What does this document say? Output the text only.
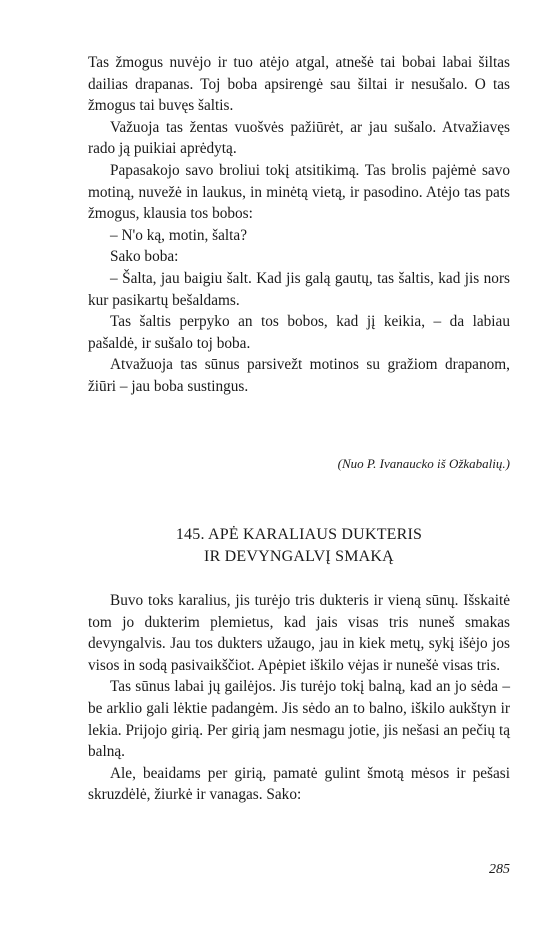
Tas žmogus nuvėjo ir tuo atėjo atgal, atnešė tai bobai labai šiltas dailias drapanas. Toj boba apsirengė sau šiltai ir nesušalo. O tas žmogus tai buvęs šaltis.

Važuoja tas žentas vuošvės pažiūrėt, ar jau sušalo. Atvažiavęs rado ją puikiai aprėdytą.

Papasakojo savo broliui tokį atsitikimą. Tas brolis pajėmė savo motiną, nuvežė in laukus, in minėtą vietą, ir pasodino. Atėjo tas pats žmogus, klausia tos bobos:

– N'o ką, motin, šalta?

Sako boba:

– Šalta, jau baigiu šalt. Kad jis galą gautų, tas šaltis, kad jis nors kur pasikartų bešaldams.

Tas šaltis perpyko an tos bobos, kad jį keikia, – da labiau pašaldė, ir sušalo toj boba.

Atvažuoja tas sūnus parsivežt motinos su gražiom drapanom, žiūri – jau boba sustingus.

(Nuo P. Ivanaucko iš Ožkabalių.)
145. APĖ KARALIAUS DUKTERIS
IR DEVYNGALVĮ SMAKĄ

Buvo toks karalius, jis turėjo tris dukteris ir vieną sūnų. Išskaitė tom jo dukterim plemietus, kad jais visas tris nuneš smakas devyngalvis. Jau tos dukters užaugo, jau in kiek metų, sykį išėjo jos visos in sodą pasivaikščiot. Apėpiet iškilo vėjas ir nunešė visas tris.

Tas sūnus labai jų gailėjos. Jis turėjo tokį balną, kad an jo sėda – be arklio gali lėktie padangėm. Jis sėdo an to balno, iškilo aukštyn ir lekia. Prijojo girią. Per girią jam nesmagu jotie, jis nešasi an pečių tą balną.

Ale, beaidams per girią, pamatė gulint šmotą mėsos ir pešasi skruzdėlė, žiurkė ir vanagas. Sako:

285
